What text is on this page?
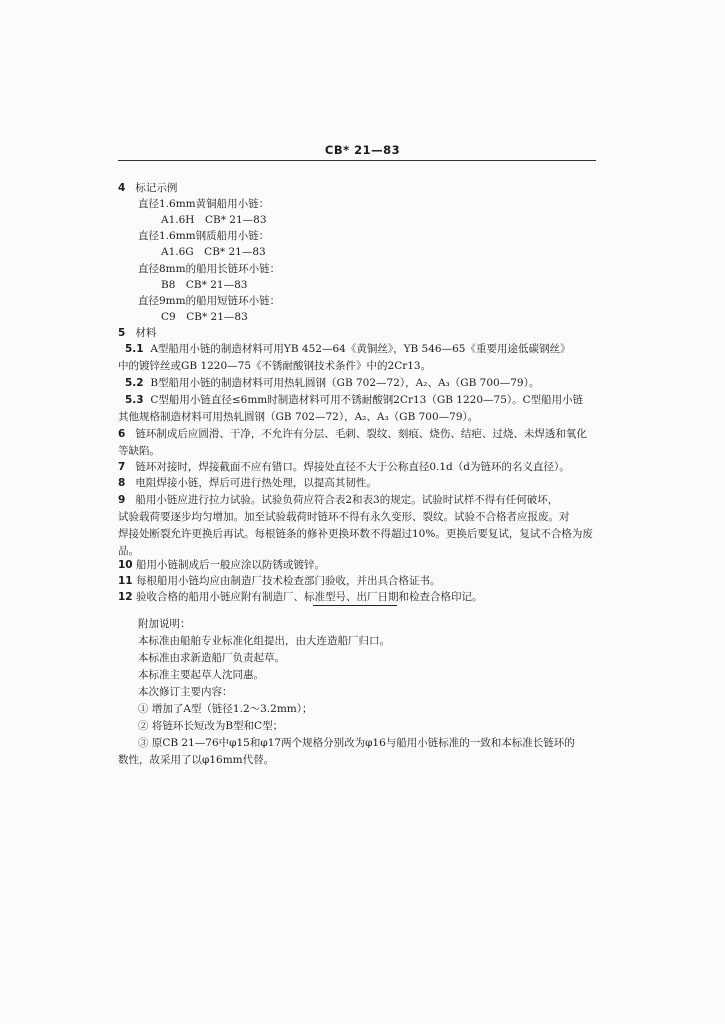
CB* 21—83
4 标记示例
直径1.6mm黄铜船用小链：
A1.6H　CB* 21—83
直径1.6mm钢质船用小链：
A1.6G　CB* 21—83
直径8mm的船用长链环小链：
B8　CB* 21—83
直径9mm的船用短链环小链：
C9　CB* 21—83
5 材料
5.1 A型船用小链的制造材料可用YB 452—64《黄铜丝》，YB 546—65《重要用途低碳钢丝》
中的镀锌丝或GB 1220—75《不锈耐酸钢技术条件》中的2Cr13。
5.2 B型船用小链的制造材料可用热轧圆钢（GB 702—72），A₂、A₃（GB 700—79）。
5.3 C型船用小链直径≤6mm时制造材料可用不锈耐酸钢2Cr13（GB 1220—75）。C型船用小链
其他规格制造材料可用热轧圆钢（GB 702—72），A₂、A₃（GB 700—79）。
6 链环制成后应圆滑、干净，不允许有分层、毛刺、裂纹、刻痕、烧伤、结疤、过烧、未焊透和氧化
等缺陷。
7 链环对接时，焊接截面不应有错口。焊接处直径不大于公称直径0.1d（d为链环的名义直径）。
8 电阻焊接小链，焊后可进行热处理，以提高其韧性。
9 船用小链应进行拉力试验。试验负荷应符合表2和表3的规定。试验时试样不得有任何破坏，
试验载荷要逐步均匀增加。加至试验载荷时链环不得有永久变形、裂纹。试验不合格者应报废。对
焊接处断裂允许更换后再试。每根链条的修补更换环数不得超过10%。更换后要复试，复试不合格为废
品。
10 船用小链制成后一般应涂以防锈或镀锌。
11 每根船用小链均应由制造厂技术检查部门验收，并出具合格证书。
12 验收合格的船用小链应附有制造厂、标准型号、出厂日期和检查合格印记。
附加说明：
本标准由船舶专业标准化组提出，由大连造船厂归口。
本标准由求新造船厂负责起草。
本标准主要起草人沈同惠。
本次修订主要内容：
① 增加了A型（链径1.2～3.2mm）；
② 将链环长短改为B型和C型；
③ 原CB 21—76中φ15和φ17两个规格分别改为φ16与船用小链标准的一致和本标准长链环的
数性，故采用了以φ16mm代替。
